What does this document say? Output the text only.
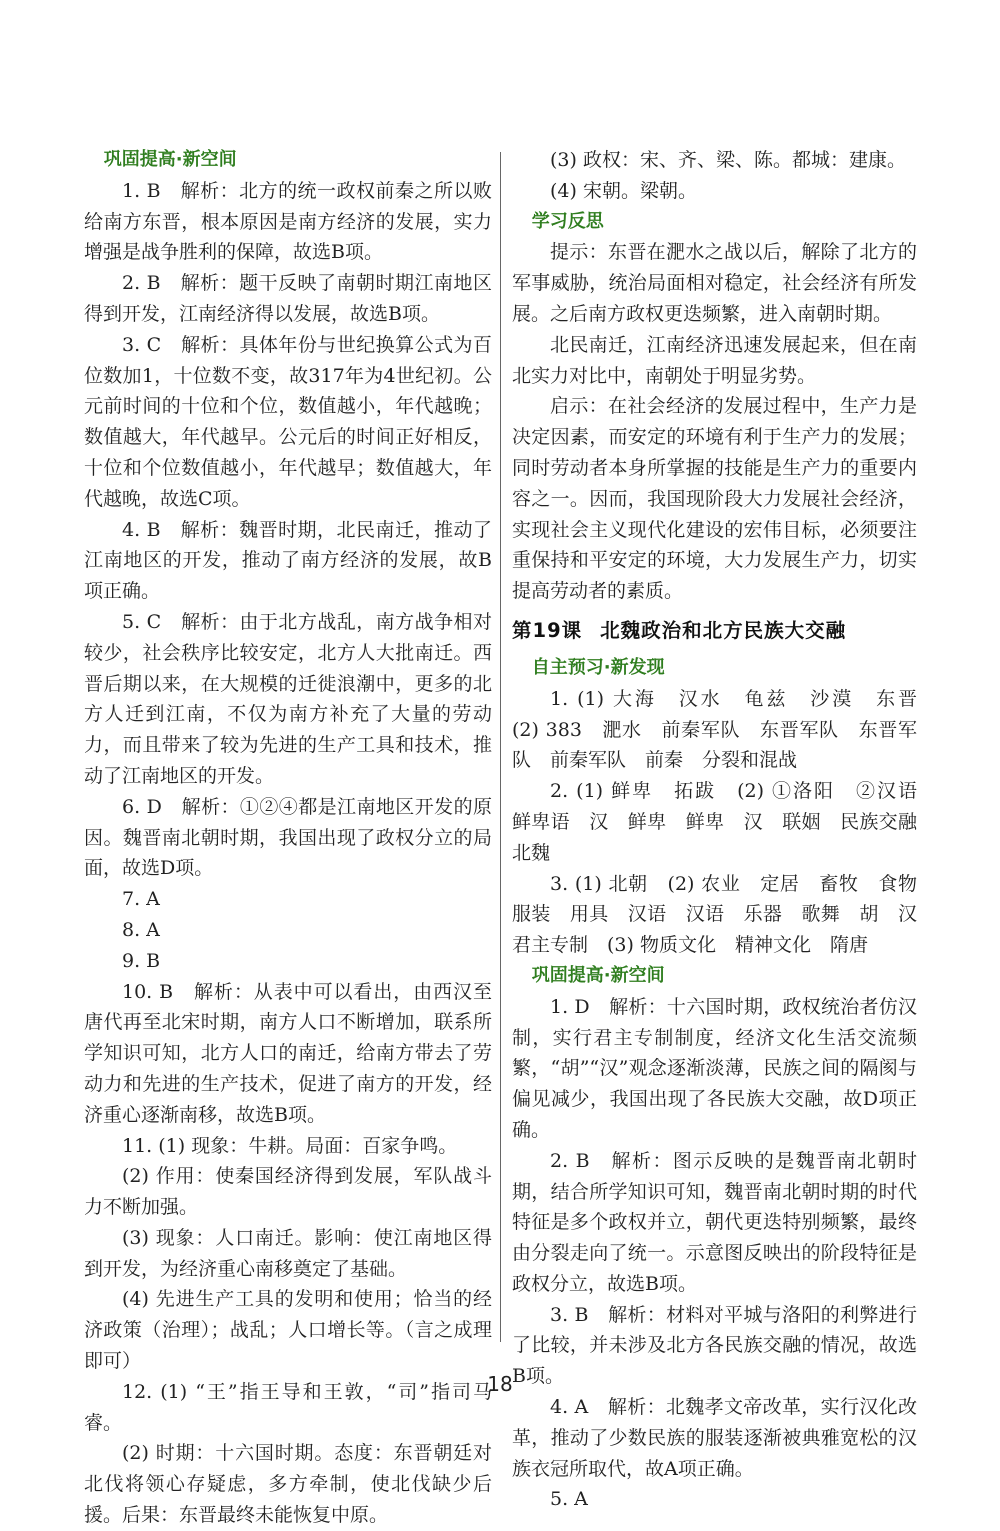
巩固提高·新空间

1. B　解析：北方的统一政权前秦之所以败给南方东晋，根本原因是南方经济的发展，实力增强是战争胜利的保障，故选B项。

2. B　解析：题干反映了南朝时期江南地区得到开发，江南经济得以发展，故选B项。

3. C　解析：具体年份与世纪换算公式为百位数加1，十位数不变，故317年为4世纪初。公元前时间的十位和个位，数值越小，年代越晚；数值越大，年代越早。公元后的时间正好相反，十位和个位数值越小，年代越早；数值越大，年代越晚，故选C项。

4. B　解析：魏晋时期，北民南迁，推动了江南地区的开发，推动了南方经济的发展，故B项正确。

5. C　解析：由于北方战乱，南方战争相对较少，社会秩序比较安定，北方人大批南迁。西晋后期以来，在大规模的迁徙浪潮中，更多的北方人迁到江南，不仅为南方补充了大量的劳动力，而且带来了较为先进的生产工具和技术，推动了江南地区的开发。

6. D　解析：①②④都是江南地区开发的原因。魏晋南北朝时期，我国出现了政权分立的局面，故选D项。

7. A

8. A

9. B

10. B　解析：从表中可以看出，由西汉至唐代再至北宋时期，南方人口不断增加，联系所学知识可知，北方人口的南迁，给南方带去了劳动力和先进的生产技术，促进了南方的开发，经济重心逐渐南移，故选B项。

11. (1) 现象：牛耕。局面：百家争鸣。

(2) 作用：使秦国经济得到发展，军队战斗力不断加强。

(3) 现象：人口南迁。影响：使江南地区得到开发，为经济重心南移奠定了基础。

(4) 先进生产工具的发明和使用；恰当的经济政策（治理）；战乱；人口增长等。（言之成理即可）

12. (1) “王”指王导和王敦，“司”指司马睿。

(2) 时期：十六国时期。态度：东晋朝廷对北伐将领心存疑虑，多方牵制，使北伐缺少后援。后果：东晋最终未能恢复中原。

(3) 政权：宋、齐、梁、陈。都城：建康。

(4) 宋朝。梁朝。

学习反思

提示：东晋在淝水之战以后，解除了北方的军事威胁，统治局面相对稳定，社会经济有所发展。之后南方政权更迭频繁，进入南朝时期。

北民南迁，江南经济迅速发展起来，但在南北实力对比中，南朝处于明显劣势。

启示：在社会经济的发展过程中，生产力是决定因素，而安定的环境有利于生产力的发展；同时劳动者本身所掌握的技能是生产力的重要内容之一。因而，我国现阶段大力发展社会经济，实现社会主义现代化建设的宏伟目标，必须要注重保持和平安定的环境，大力发展生产力，切实提高劳动者的素质。

第19课 北魏政治和北方民族大交融
自主预习·新发现

1. (1) 大海　汉水　龟兹　沙漠　东晋　(2) 383　淝水　前秦军队　东晋军队　东晋军队　前秦军队　前秦　分裂和混战

2. (1) 鲜卑　拓跋　(2) ①洛阳　②汉语　鲜卑语　汉　鲜卑　鲜卑　汉　联姻　民族交融　北魏

3. (1) 北朝　(2) 农业　定居　畜牧　食物　服装　用具　汉语　汉语　乐器　歌舞　胡　汉　君主专制　(3) 物质文化　精神文化　隋唐

巩固提高·新空间

1. D　解析：十六国时期，政权统治者仿汉制，实行君主专制制度，经济文化生活交流频繁，“胡”“汉”观念逐渐淡薄，民族之间的隔阂与偏见减少，我国出现了各民族大交融，故D项正确。

2. B　解析：图示反映的是魏晋南北朝时期，结合所学知识可知，魏晋南北朝时期的时代特征是多个政权并立，朝代更迭特别频繁，最终由分裂走向了统一。示意图反映出的阶段特征是政权分立，故选B项。

3. B　解析：材料对平城与洛阳的利弊进行了比较，并未涉及北方各民族交融的情况，故选B项。

4. A　解析：北魏孝文帝改革，实行汉化改革，推动了少数民族的服装逐渐被典雅宽松的汉族衣冠所取代，故A项正确。

5. A

18
